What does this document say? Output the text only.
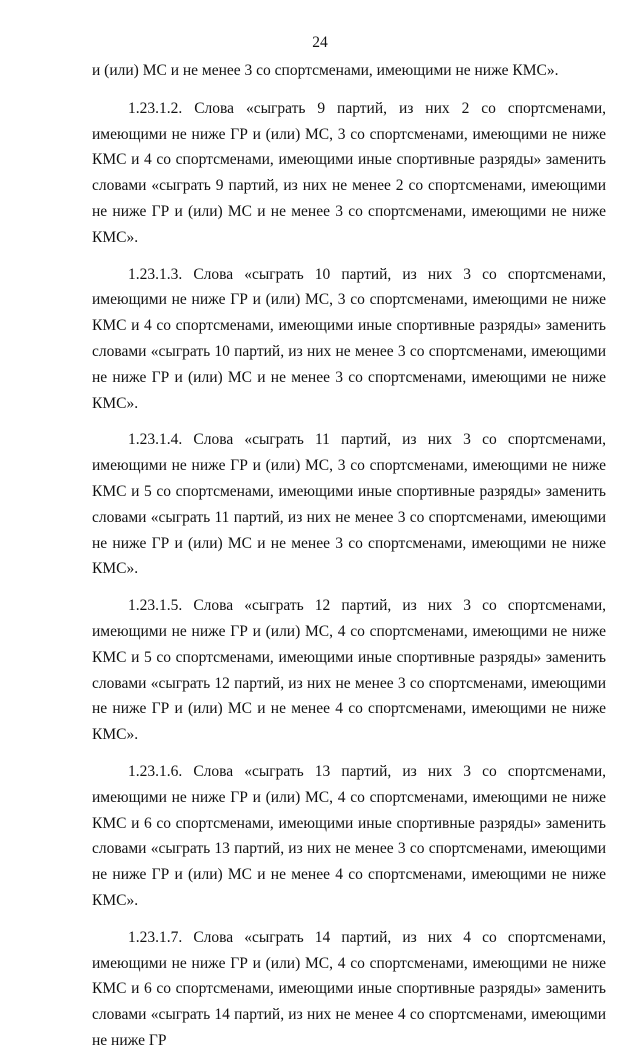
24

и (или) МС и не менее 3 со спортсменами, имеющими не ниже КМС».

1.23.1.2. Слова «сыграть 9 партий, из них 2 со спортсменами, имеющими не ниже ГР и (или) МС, 3 со спортсменами, имеющими не ниже КМС и 4 со спортсменами, имеющими иные спортивные разряды» заменить словами «сыграть 9 партий, из них не менее 2 со спортсменами, имеющими не ниже ГР и (или) МС и не менее 3 со спортсменами, имеющими не ниже КМС».

1.23.1.3. Слова «сыграть 10 партий, из них 3 со спортсменами, имеющими не ниже ГР и (или) МС, 3 со спортсменами, имеющими не ниже КМС и 4 со спортсменами, имеющими иные спортивные разряды» заменить словами «сыграть 10 партий, из них не менее 3 со спортсменами, имеющими не ниже ГР и (или) МС и не менее 3 со спортсменами, имеющими не ниже КМС».

1.23.1.4. Слова «сыграть 11 партий, из них 3 со спортсменами, имеющими не ниже ГР и (или) МС, 3 со спортсменами, имеющими не ниже КМС и 5 со спортсменами, имеющими иные спортивные разряды» заменить словами «сыграть 11 партий, из них не менее 3 со спортсменами, имеющими не ниже ГР и (или) МС и не менее 3 со спортсменами, имеющими не ниже КМС».

1.23.1.5. Слова «сыграть 12 партий, из них 3 со спортсменами, имеющими не ниже ГР и (или) МС, 4 со спортсменами, имеющими не ниже КМС и 5 со спортсменами, имеющими иные спортивные разряды» заменить словами «сыграть 12 партий, из них не менее 3 со спортсменами, имеющими не ниже ГР и (или) МС и не менее 4 со спортсменами, имеющими не ниже КМС».

1.23.1.6. Слова «сыграть 13 партий, из них 3 со спортсменами, имеющими не ниже ГР и (или) МС, 4 со спортсменами, имеющими не ниже КМС и 6 со спортсменами, имеющими иные спортивные разряды» заменить словами «сыграть 13 партий, из них не менее 3 со спортсменами, имеющими не ниже ГР и (или) МС и не менее 4 со спортсменами, имеющими не ниже КМС».

1.23.1.7. Слова «сыграть 14 партий, из них 4 со спортсменами, имеющими не ниже ГР и (или) МС, 4 со спортсменами, имеющими не ниже КМС и 6 со спортсменами, имеющими иные спортивные разряды» заменить словами «сыграть 14 партий, из них не менее 4 со спортсменами, имеющими не ниже ГР
